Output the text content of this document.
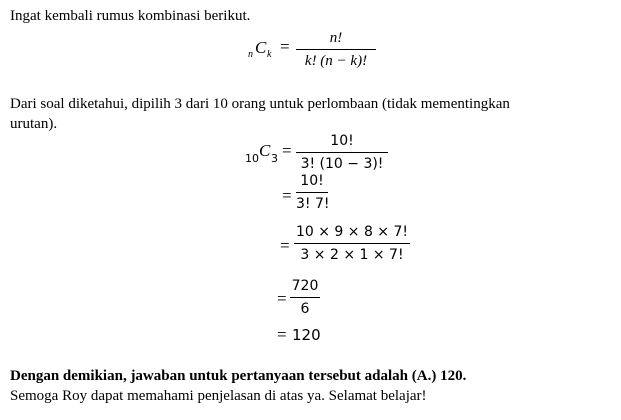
Ingat kembali rumus kombinasi berikut.
n C k =	n!
k! (n − k)!
Dari soal diketahui, dipilih 3 dari 10 orang untuk perlombaan (tidak mementingkan
urutan).
10 C 3 =	10!
3! (10 − 3)!
=
10!
3! 7!
=
10 × 9 × 8 × 7!
3 × 2 × 1 × 7!
=
720
6
= 120
Dengan demikian, jawaban untuk pertanyaan tersebut adalah (A.) 120.
Semoga Roy dapat memahami penjelasan di atas ya. Selamat belajar!
